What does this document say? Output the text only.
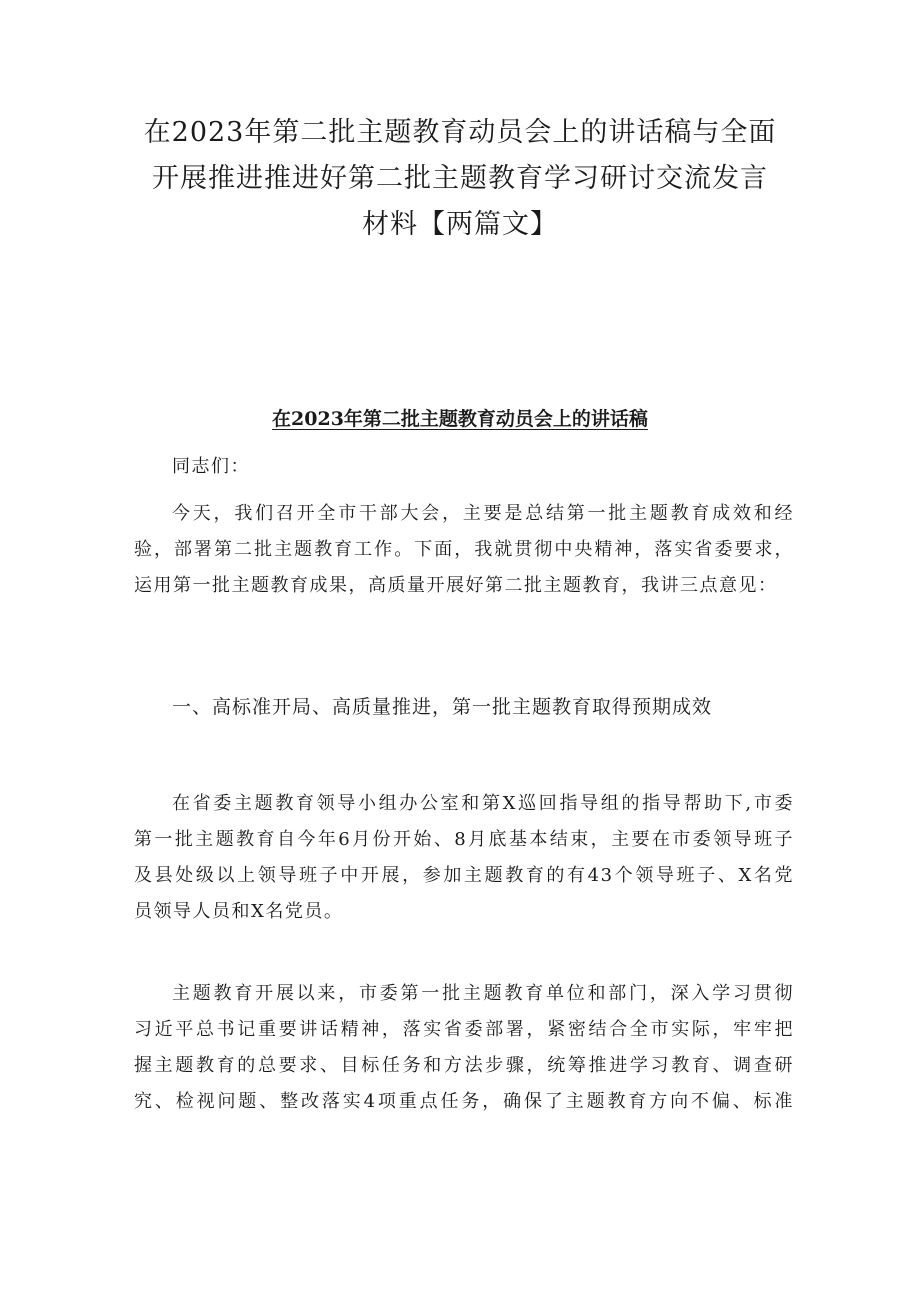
在2023年第二批主题教育动员会上的讲话稿与全面
开展推进推进好第二批主题教育学习研讨交流发言
材料【两篇文】
在2023年第二批主题教育动员会上的讲话稿

同志们：

今天，我们召开全市干部大会，主要是总结第一批主题教育成效和经
验，部署第二批主题教育工作。下面，我就贯彻中央精神，落实省委要求，
运用第一批主题教育成果，高质量开展好第二批主题教育，我讲三点意见：

一、高标准开局、高质量推进，第一批主题教育取得预期成效

在省委主题教育领导小组办公室和第X巡回指导组的指导帮助下,市委
第一批主题教育自今年6月份开始、8月底基本结束，主要在市委领导班子
及县处级以上领导班子中开展，参加主题教育的有43个领导班子、X名党
员领导人员和X名党员。

主题教育开展以来，市委第一批主题教育单位和部门，深入学习贯彻
习近平总书记重要讲话精神，落实省委部署，紧密结合全市实际，牢牢把
握主题教育的总要求、目标任务和方法步骤，统筹推进学习教育、调查研
究、检视问题、整改落实4项重点任务，确保了主题教育方向不偏、标准
